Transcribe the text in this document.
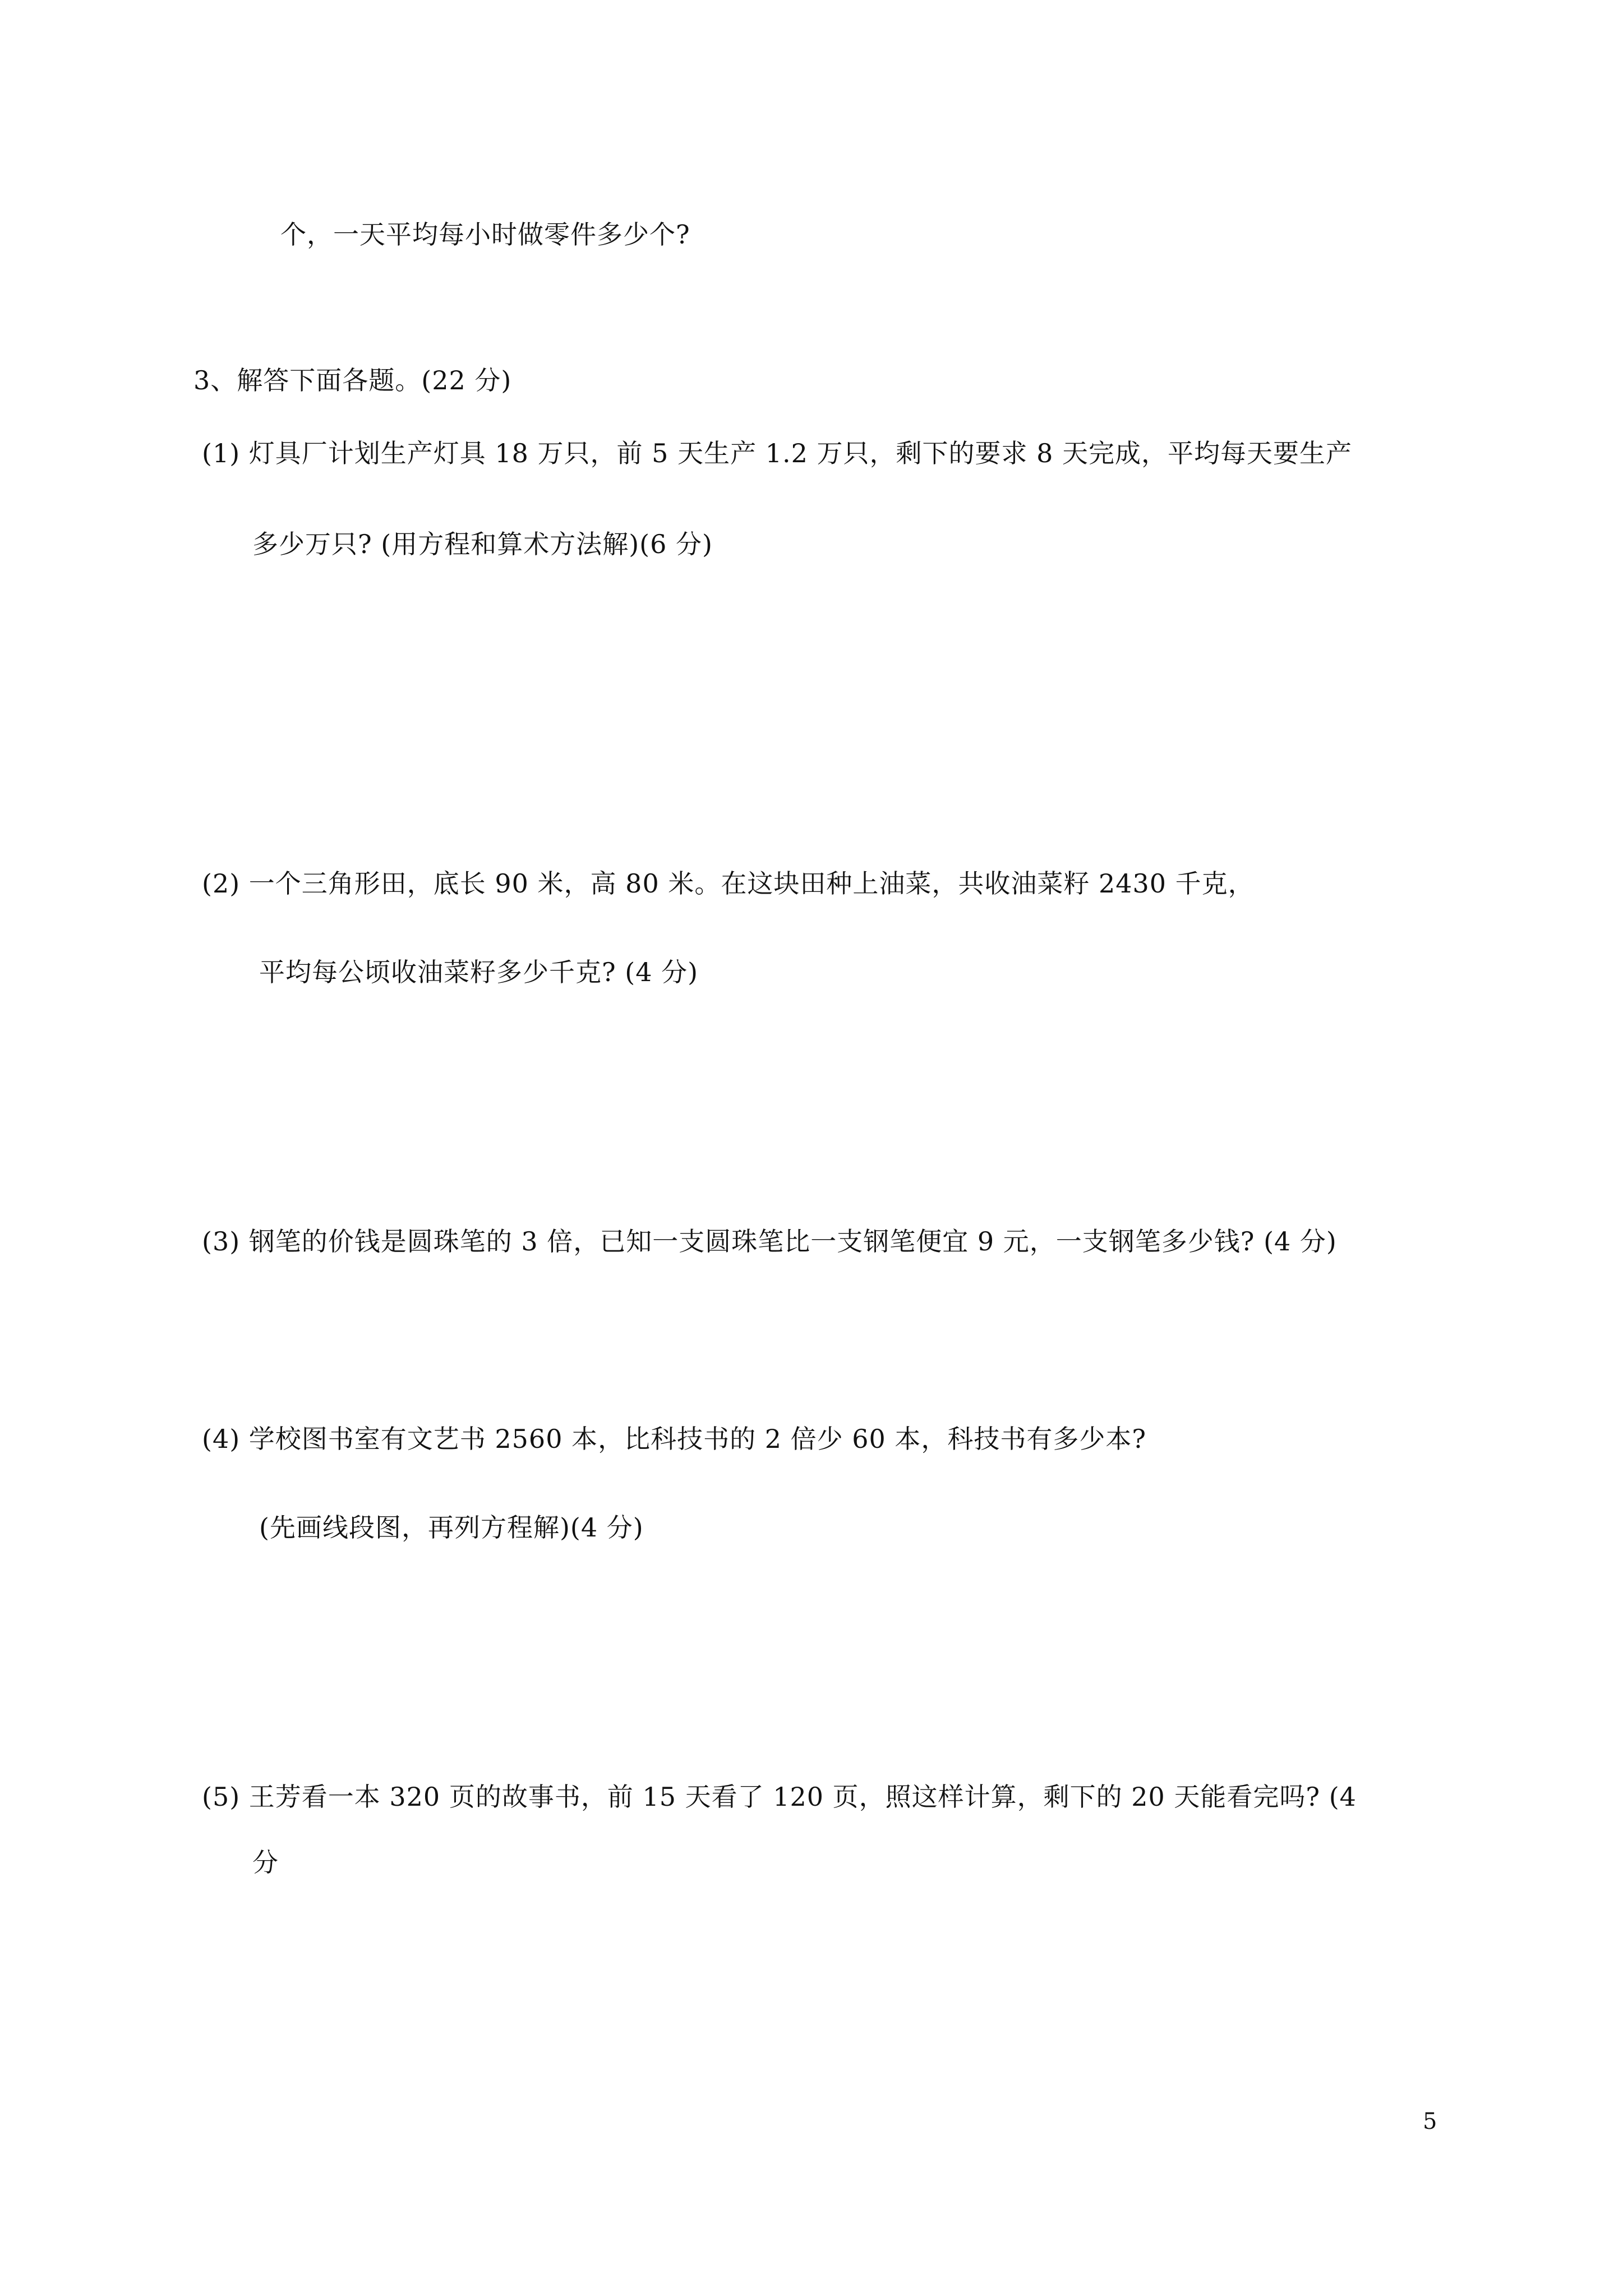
个，一天平均每小时做零件多少个?
3、解答下面各题。(22 分)
(1) 灯具厂计划生产灯具 18 万只，前 5 天生产 1.2 万只，剩下的要求 8 天完成，平均每天要生产
多少万只? (用方程和算术方法解)(6 分)
(2) 一个三角形田，底长 90 米，高 80 米。在这块田种上油菜，共收油菜籽 2430 千克，
平均每公顷收油菜籽多少千克? (4 分)
(3) 钢笔的价钱是圆珠笔的 3 倍，已知一支圆珠笔比一支钢笔便宜 9 元，一支钢笔多少钱? (4 分)
(4) 学校图书室有文艺书 2560 本，比科技书的 2 倍少 60 本，科技书有多少本?
(先画线段图，再列方程解)(4 分)
(5) 王芳看一本 320 页的故事书，前 15 天看了 120 页，照这样计算，剩下的 20 天能看完吗? (4
分
5
